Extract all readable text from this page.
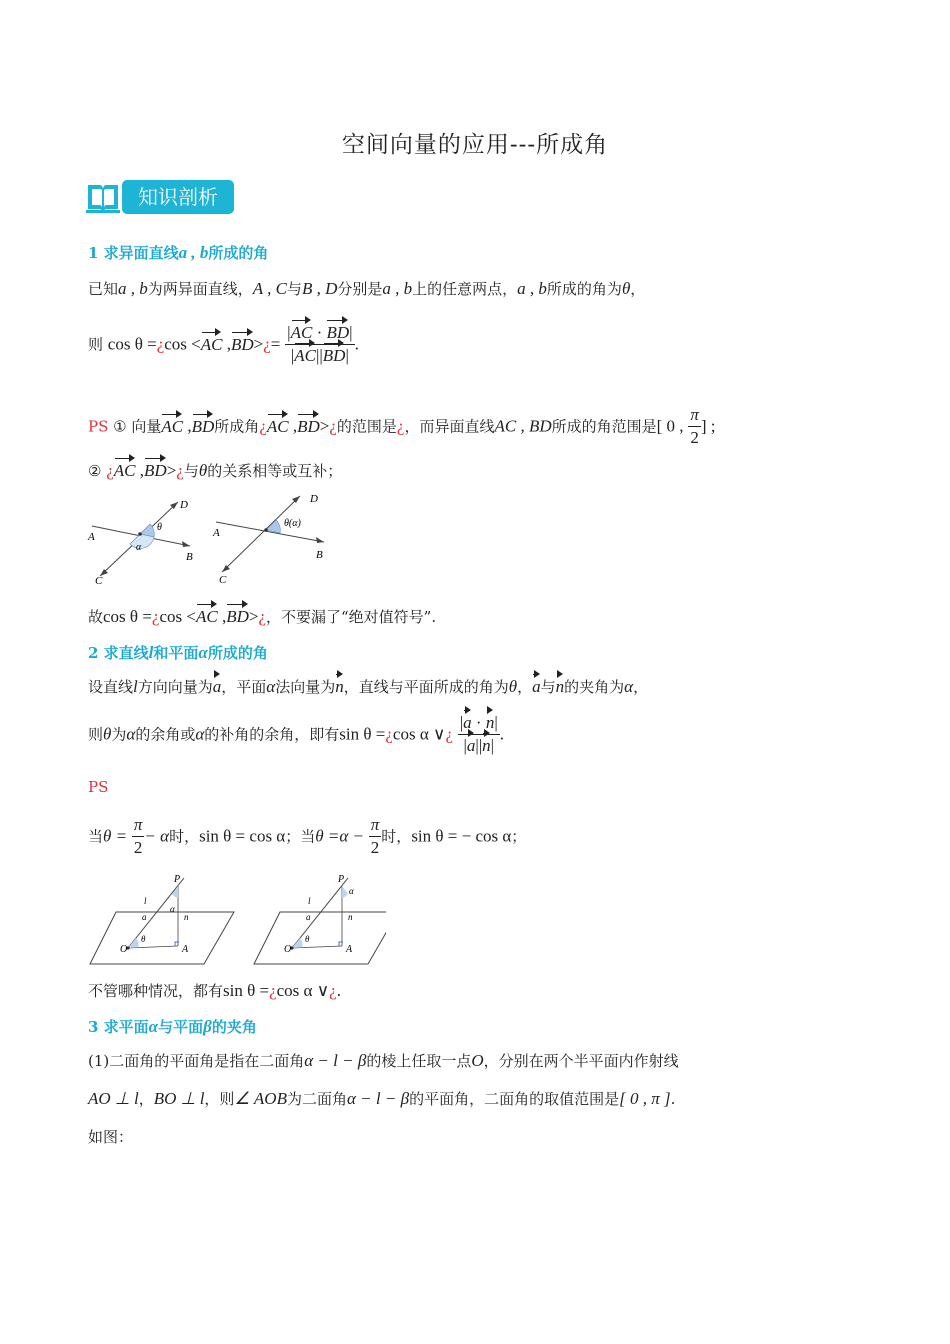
空间向量的应用---所成角
知识剖析
1 求异面直线a , b所成的角
已知a , b为两异面直线，A , C与B , D分别是a , b上的任意两点，a , b所成的角为θ，
则 cos θ =¿cos <AC ,BD>¿= $\frac{|AC \cdot BD|}{|AC||BD|}$ .
PS ① 向量AC ,BD所成角¿AC ,BD>¿的范围是¿，而异面直线AC , BD所成的角范围是[ 0 , $\frac{\pi}{2}$ ] ;
② ¿AC ,BD>¿与θ的关系相等或互补；
D
θ
A
α
B
C
D
θ(α)
A
B
C
故cos θ =¿cos <AC ,BD>¿，不要漏了“绝对值符号”.
2 求直线l和平面α所成的角
设直线l方向向量为a，平面α法向量为n，直线与平面所成的角为θ，a与n的夹角为α，
则θ为α的余角或α的补角的余角，即有sin θ =¿cos α ∨¿ $\frac{|a \cdot n|}{|a||n|}$ .
PS
当$\theta = \frac{\pi}{2} - \alpha$时，sin θ = cos α；当$\theta =\alpha - \frac{\pi}{2}$ 时，sin θ = − cos α；
P
l
a	n
α
θ
O	A
P
α
l
a	n
θ
O	A
不管哪种情况，都有sin θ =¿cos α ∨¿.
3 求平面α与平面β的夹角
(1)二面角的平面角是指在二面角α − l − β的棱上任取一点O，分别在两个半平面内作射线
AO ⊥ l，BO ⊥ l，则∠ AOB为二面角α − l − β的平面角，二面角的取值范围是[ 0 , π ].
如图：
